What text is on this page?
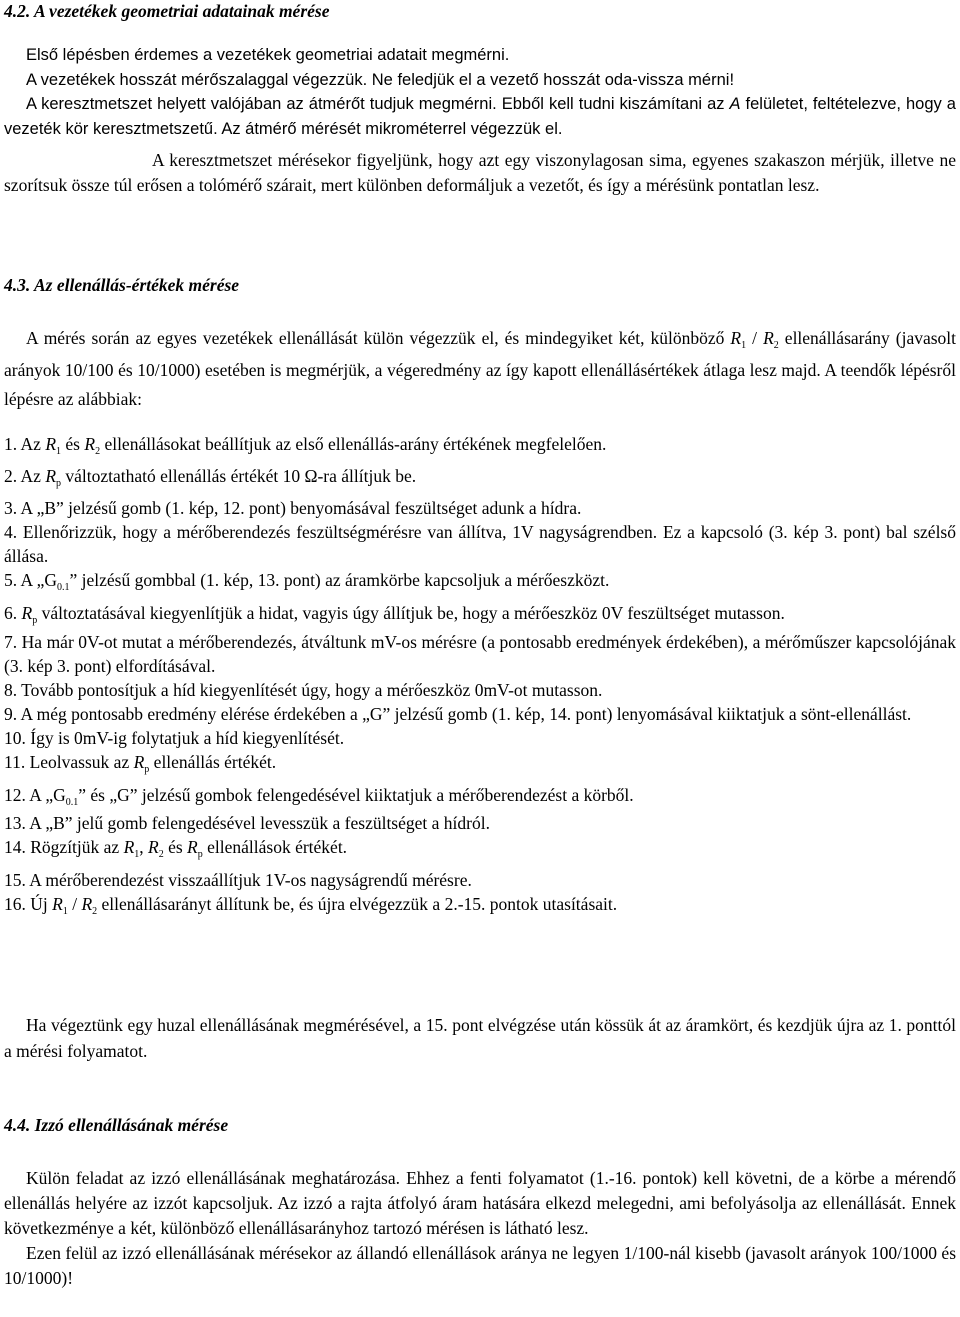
4.2. A vezetékek geometriai adatainak mérése

Első lépésben érdemes a vezetékek geometriai adatait megmérni.
A vezetékek hosszát mérőszalaggal végezzük. Ne feledjük el a vezető hosszát oda-vissza mérni!
A keresztmetszet helyett valójában az átmérőt tudjuk megmérni. Ebből kell tudni kiszámítani az A felületet, feltételezve, hogy a vezeték kör keresztmetszetű. Az átmérő mérését mikrométerrel végezzük el.
A keresztmetszet mérésekor figyeljünk, hogy azt egy viszonylagosan sima, egyenes szakaszon mérjük, illetve ne szorítsuk össze túl erősen a tolómérő szárait, mert különben deformáljuk a vezetőt, és így a mérésünk pontatlan lesz.

4.3. Az ellenállás-értékek mérése

A mérés során az egyes vezetékek ellenállását külön végezzük el, és mindegyiket két, különböző $R_1 / R_2$ ellenállásarány (javasolt arányok 10/100 és 10/1000) esetében is megmérjük, a végeredmény az így kapott ellenállásértékek átlaga lesz majd. A teendők lépésről lépésre az alábbiak:
1. Az $R_1$ és $R_2$ ellenállásokat beállítjuk az első ellenállás-arány értékének megfelelően.
2. Az $R_p$ változtatható ellenállás értékét 10 Ω-ra állítjuk be.
3. A „B” jelzésű gomb (1. kép, 12. pont) benyomásával feszültséget adunk a hídra.
4. Ellenőrizzük, hogy a mérőberendezés feszültségmérésre van állítva, 1V nagyságrendben. Ez a kapcsoló (3. kép 3. pont) bal szélső állása.
5. A $„G_{0.1}$” jelzésű gombbal (1. kép, 13. pont) az áramkörbe kapcsoljuk a mérőeszközt.
6. $R_p$ változtatásával kiegyenlítjük a hidat, vagyis úgy állítjuk be, hogy a mérőeszköz 0V feszültséget mutasson.
7. Ha már 0V-ot mutat a mérőberendezés, átváltunk mV-os mérésre (a pontosabb eredmények érdekében), a mérőműszer kapcsolójának (3. kép 3. pont) elfordításával.
8. Tovább pontosítjuk a híd kiegyenlítését úgy, hogy a mérőeszköz 0mV-ot mutasson.
9. A még pontosabb eredmény elérése érdekében a „G” jelzésű gomb (1. kép, 14. pont) lenyomásával kiiktatjuk a sönt-ellenállást.
10. Így is 0mV-ig folytatjuk a híd kiegyenlítését.
11. Leolvassuk az $R_p$ ellenállás értékét.
12. A $„G_{0.1}$” és „G” jelzésű gombok felengedésével kiiktatjuk a mérőberendezést a körből.
13. A „B” jelű gomb felengedésével levesszük a feszültséget a hídról.
14. Rögzítjük az $R_1$, $R_2$ és $R_p$ ellenállások értékét.
15. A mérőberendezést visszaállítjuk 1V-os nagyságrendű mérésre.
16. Új $R_1 / R_2$ ellenállásarányt állítunk be, és újra elvégezzük a 2.-15. pontok utasításait.
Ha végeztünk egy huzal ellenállásának megmérésével, a 15. pont elvégzése után kössük át az áramkört, és kezdjük újra az 1. ponttól a mérési folyamatot.

4.4. Izzó ellenállásának mérése

Külön feladat az izzó ellenállásának meghatározása. Ehhez a fenti folyamatot (1.-16. pontok) kell követni, de a körbe a mérendő ellenállás helyére az izzót kapcsoljuk. Az izzó a rajta átfolyó áram hatására elkezd melegedni, ami befolyásolja az ellenállását. Ennek következménye a két, különböző ellenállásarányhoz tartozó mérésen is látható lesz.
Ezen felül az izzó ellenállásának mérésekor az állandó ellenállások aránya ne legyen 1/100-nál kisebb (javasolt arányok 100/1000 és 10/1000)!
